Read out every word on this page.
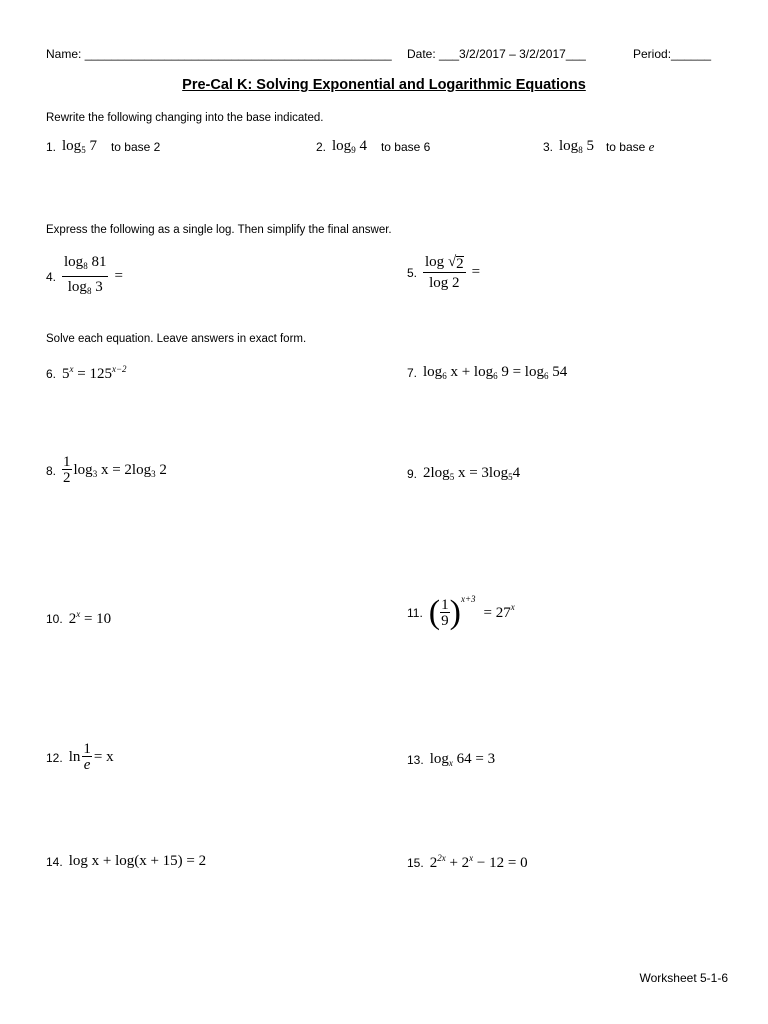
Name: ______________________________________________ Date: ___3/2/2017 – 3/2/2017___	Period:______
Pre-Cal K: Solving Exponential and Logarithmic Equations
Rewrite the following changing into the base indicated.
1. $\log_5 7$ to base 2	2. $\log_9 4$ to base 6	3. $\log_8 5$ to base e
Express the following as a single log. Then simplify the final answer.
4. $\frac{\log_8 81}{\log_8 3}$ =	5. $\frac{\log √ 2}{\log 2}$ =
Solve each equation. Leave answers in exact form.
6. $5^x = 125^{x-2}$	7. $\log_6 x + \log_6 9 = \log_6 54$
8.
1
2 $\log_3 x = 2\log_3$ 2	9. $2\log_5$ $x = 3\log_54$
10. $2^x = 10$	11. ( 1
9 ) $^{x+3}$
= 27 $^x$
12. $\ln \frac{1}{e} = x$	13. $\log_x 64 = 3$
14. log x + log(x + 15) = 2	15. $2^{2x} + 2^x - 12 = 0$
Worksheet 5-1-6
